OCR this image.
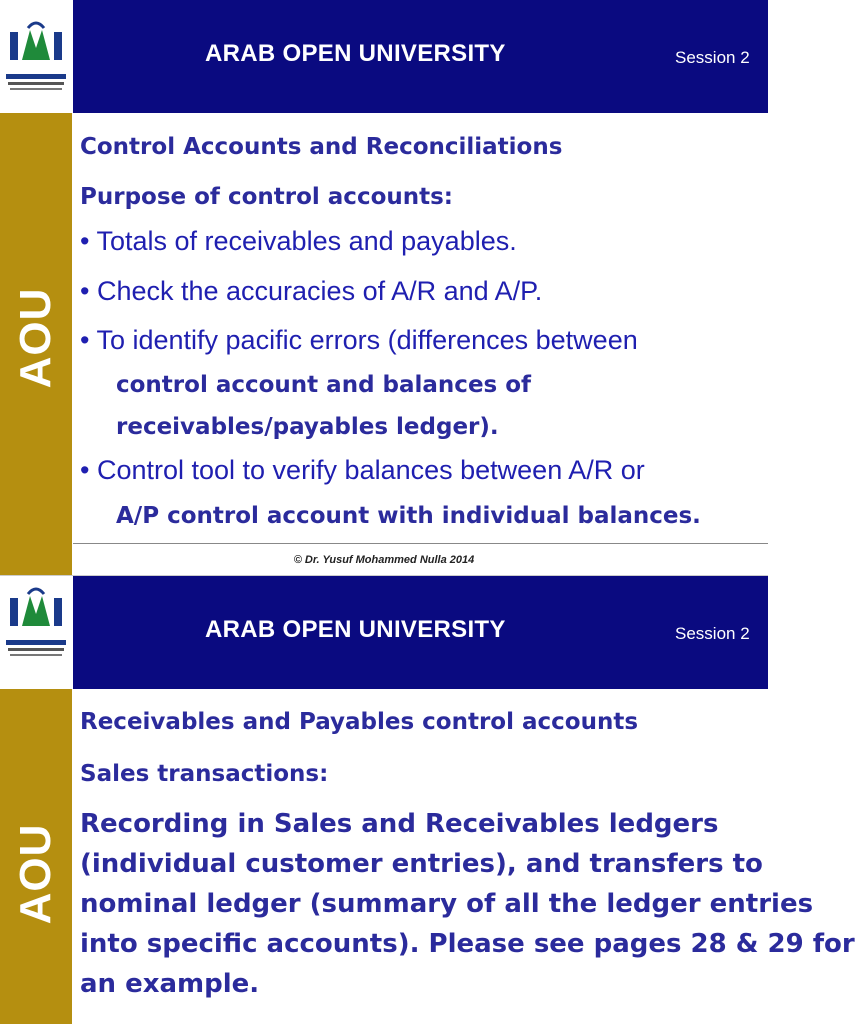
ARAB OPEN UNIVERSITY	Session 2
AOU
Control Accounts and Reconciliations
Purpose of control accounts:
• Totals of receivables and payables.
• Check the accuracies of A/R and A/P.
• To identify pacific errors (differences between
control account and balances of
receivables/payables ledger).
• Control tool to verify balances between A/R or
A/P control account with individual balances.
© Dr. Yusuf Mohammed Nulla 2014
ARAB OPEN UNIVERSITY	Session 2
AOU
Receivables and Payables control accounts
Sales transactions:
Recording in Sales and Receivables ledgers
(individual customer entries), and transfers to
nominal ledger (summary of all the ledger entries
into specific accounts). Please see pages 28 & 29 for
an example.
